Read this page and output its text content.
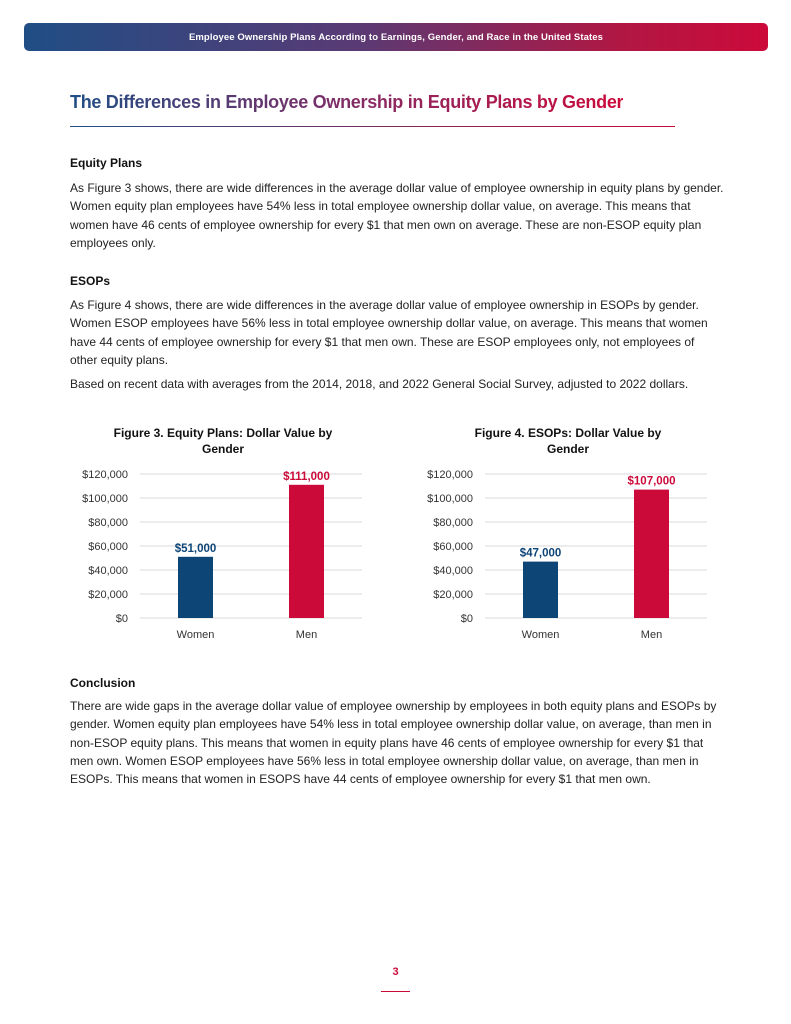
Employee Ownership Plans According to Earnings, Gender, and Race in the United States
The Differences in Employee Ownership in Equity Plans by Gender

Equity Plans

As Figure 3 shows, there are wide differences in the average dollar value of employee ownership in equity plans by gender. Women equity plan employees have 54% less in total employee ownership dollar value, on average. This means that women have 46 cents of employee ownership for every $1 that men own on average. These are non-ESOP equity plan employees only.

ESOPs

As Figure 4 shows, there are wide differences in the average dollar value of employee ownership in ESOPs by gender. Women ESOP employees have 56% less in total employee ownership dollar value, on average. This means that women have 44 cents of employee ownership for every $1 that men own. These are ESOP employees only, not employees of other equity plans.

Based on recent data with averages from the 2014, 2018, and 2022 General Social Survey, adjusted to 2022 dollars.

Figure 3. Equity Plans: Dollar Value by
Gender
$0
$20,000
$40,000
$60,000
$80,000
$100,000
$120,000
$51,000
Women
$111,000
Men
Figure 4. ESOPs: Dollar Value by
Gender
$0
$20,000
$40,000
$60,000
$80,000
$100,000
$120,000
$47,000
Women
$107,000
Men

Conclusion

There are wide gaps in the average dollar value of employee ownership by employees in both equity plans and ESOPs by gender. Women equity plan employees have 54% less in total employee ownership dollar value, on average, than men in non-ESOP equity plans. This means that women in equity plans have 46 cents of employee ownership for every $1 that men own. Women ESOP employees have 56% less in total employee ownership dollar value, on average, than men in ESOPs. This means that women in ESOPS have 44 cents of employee ownership for every $1 that men own.

3
